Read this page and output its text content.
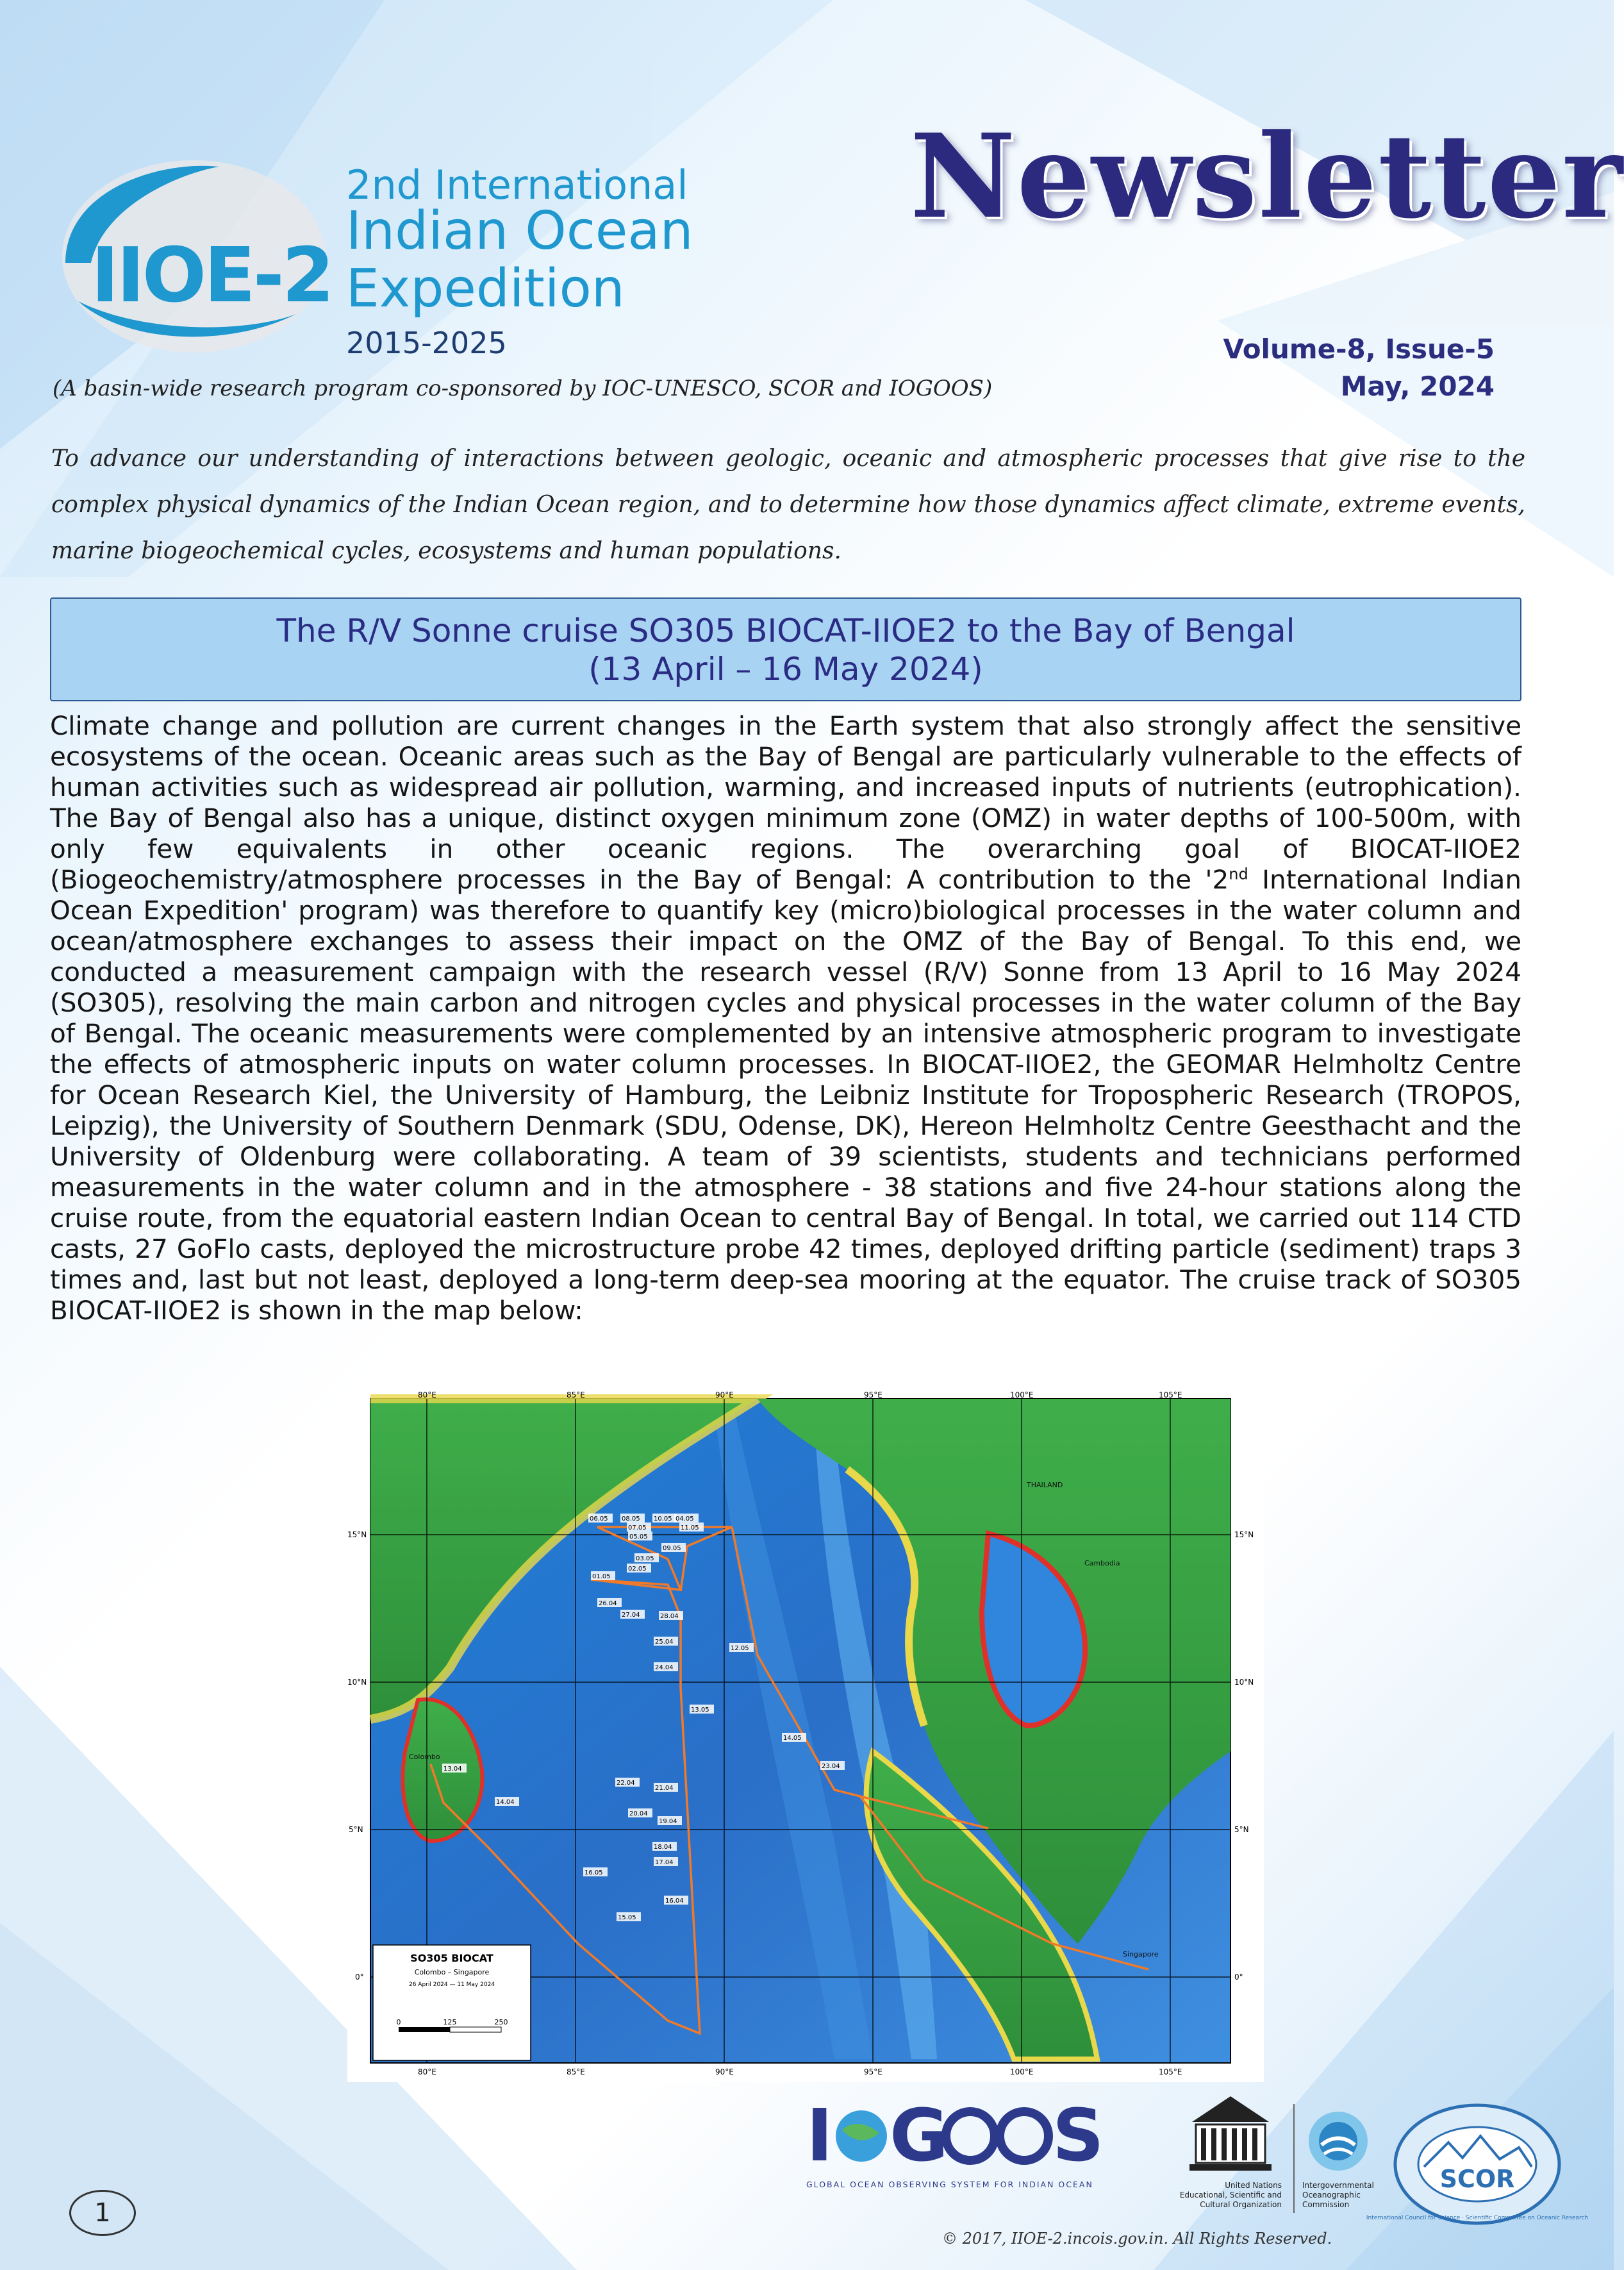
IIOE-2
2nd International
Indian Ocean
Expedition
2015-2025
(A basin-wide research program co-sponsored by IOC-UNESCO, SCOR and IOGOOS)
Newsletter
Volume-8, Issue-5
May, 2024

To advance our understanding of interactions between geologic, oceanic and atmospheric processes that give rise to the complex physical dynamics of the Indian Ocean region, and to determine how those dynamics affect climate, extreme events, marine biogeochemical cycles, ecosystems and human populations.

The R/V Sonne cruise SO305 BIOCAT-IIOE2 to the Bay of Bengal
(13 April – 16 May 2024)

Climate change and pollution are current changes in the Earth system that also strongly affect the sensitive ecosystems of the ocean. Oceanic areas such as the Bay of Bengal are particularly vulnerable to the effects of human activities such as widespread air pollution, warming, and increased inputs of nutrients (eutrophication). The Bay of Bengal also has a unique, distinct oxygen minimum zone (OMZ) in water depths of 100-500m, with only few equivalents in other oceanic regions. The overarching goal of BIOCAT-IIOE2 (Biogeochemistry/atmosphere processes in the Bay of Bengal: A contribution to the '2nd International Indian Ocean Expedition' program) was therefore to quantify key (micro)biological processes in the water column and ocean/atmosphere exchanges to assess their impact on the OMZ of the Bay of Bengal. To this end, we conducted a measurement campaign with the research vessel (R/V) Sonne from 13 April to 16 May 2024 (SO305), resolving the main carbon and nitrogen cycles and physical processes in the water column of the Bay of Bengal. The oceanic measurements were complemented by an intensive atmospheric program to investigate the effects of atmospheric inputs on water column processes. In BIOCAT-IIOE2, the GEOMAR Helmholtz Centre for Ocean Research Kiel, the University of Hamburg, the Leibniz Institute for Tropospheric Research (TROPOS, Leipzig), the University of Southern Denmark (SDU, Odense, DK), Hereon Helmholtz Centre Geesthacht and the University of Oldenburg were collaborating. A team of 39 scientists, students and technicians performed measurements in the water column and in the atmosphere - 38 stations and five 24-hour stations along the cruise route, from the equatorial eastern Indian Ocean to central Bay of Bengal. In total, we carried out 114 CTD casts, 27 GoFlo casts, deployed the microstructure probe 42 times, deployed drifting particle (sediment) traps 3 times and, last but not least, deployed a long-term deep-sea mooring at the equator. The cruise track of SO305 BIOCAT-IIOE2 is shown in the map below:

06.05 08.05 10.05 04.05
07.05	11.05
05.05
09.05
03.05
01.05
02.05
26.04
27.04	28.04
12.05
25.04
24.04
13.05
14.05
23.04
22.04
21.04
20.04
19.04
18.04
17.04
16.04
15.05
16.05
14.04
13.04
80°E	85°E	90°E	95°E	100°E	105°E
80°E	85°E	90°E	95°E	100°E	105°E
15°N
10°N
5°N
0°
15°N
10°N
5°N
0°
Colombo
Singapore
THAILAND
Cambodia
SO305 BIOCAT
Colombo – Singapore
26 April 2024 — 11 May 2024
0	125	250
1
I G S
GLOBAL OCEAN OBSERVING SYSTEM FOR INDIAN OCEAN	United Nations Educational, Scientific and Cultural Organization
Intergovernmental Oceanographic Commission
SCOR
International Council for Science · Scientific Committee on Oceanic Research
© 2017, IIOE-2.incois.gov.in. All Rights Reserved.
